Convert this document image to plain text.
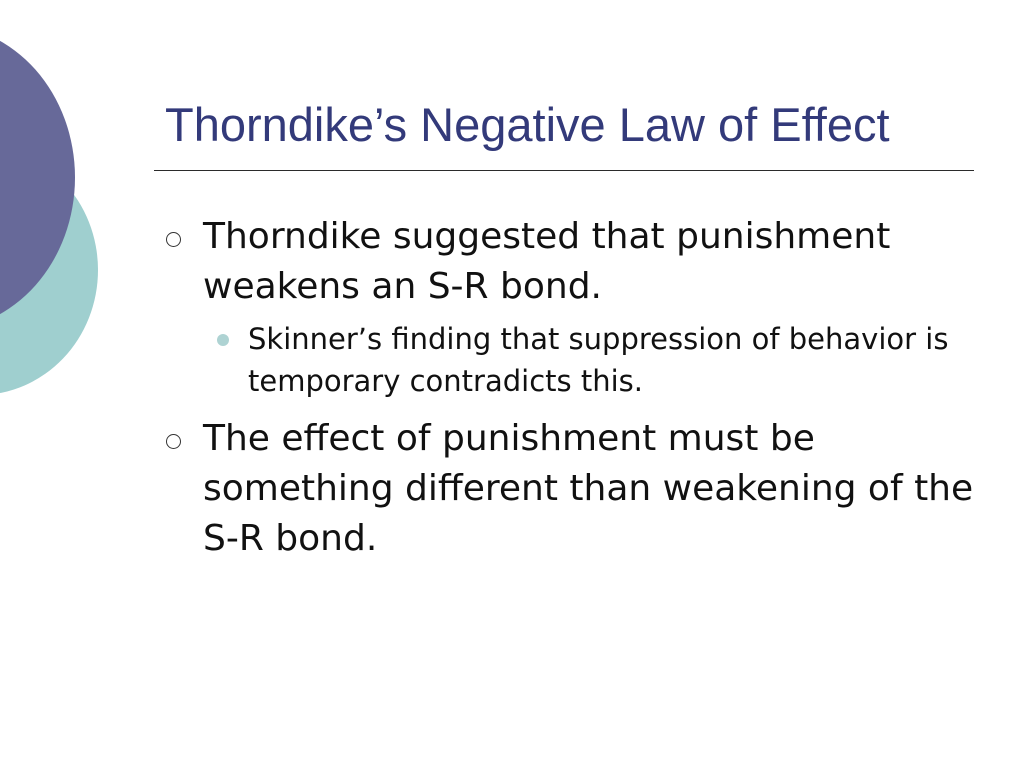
Thorndike’s Negative Law of Effect
Thorndike suggested that punishment weakens an S-R bond.
Skinner’s finding that suppression of behavior is temporary contradicts this.
The effect of punishment must be something different than weakening of the S-R bond.
